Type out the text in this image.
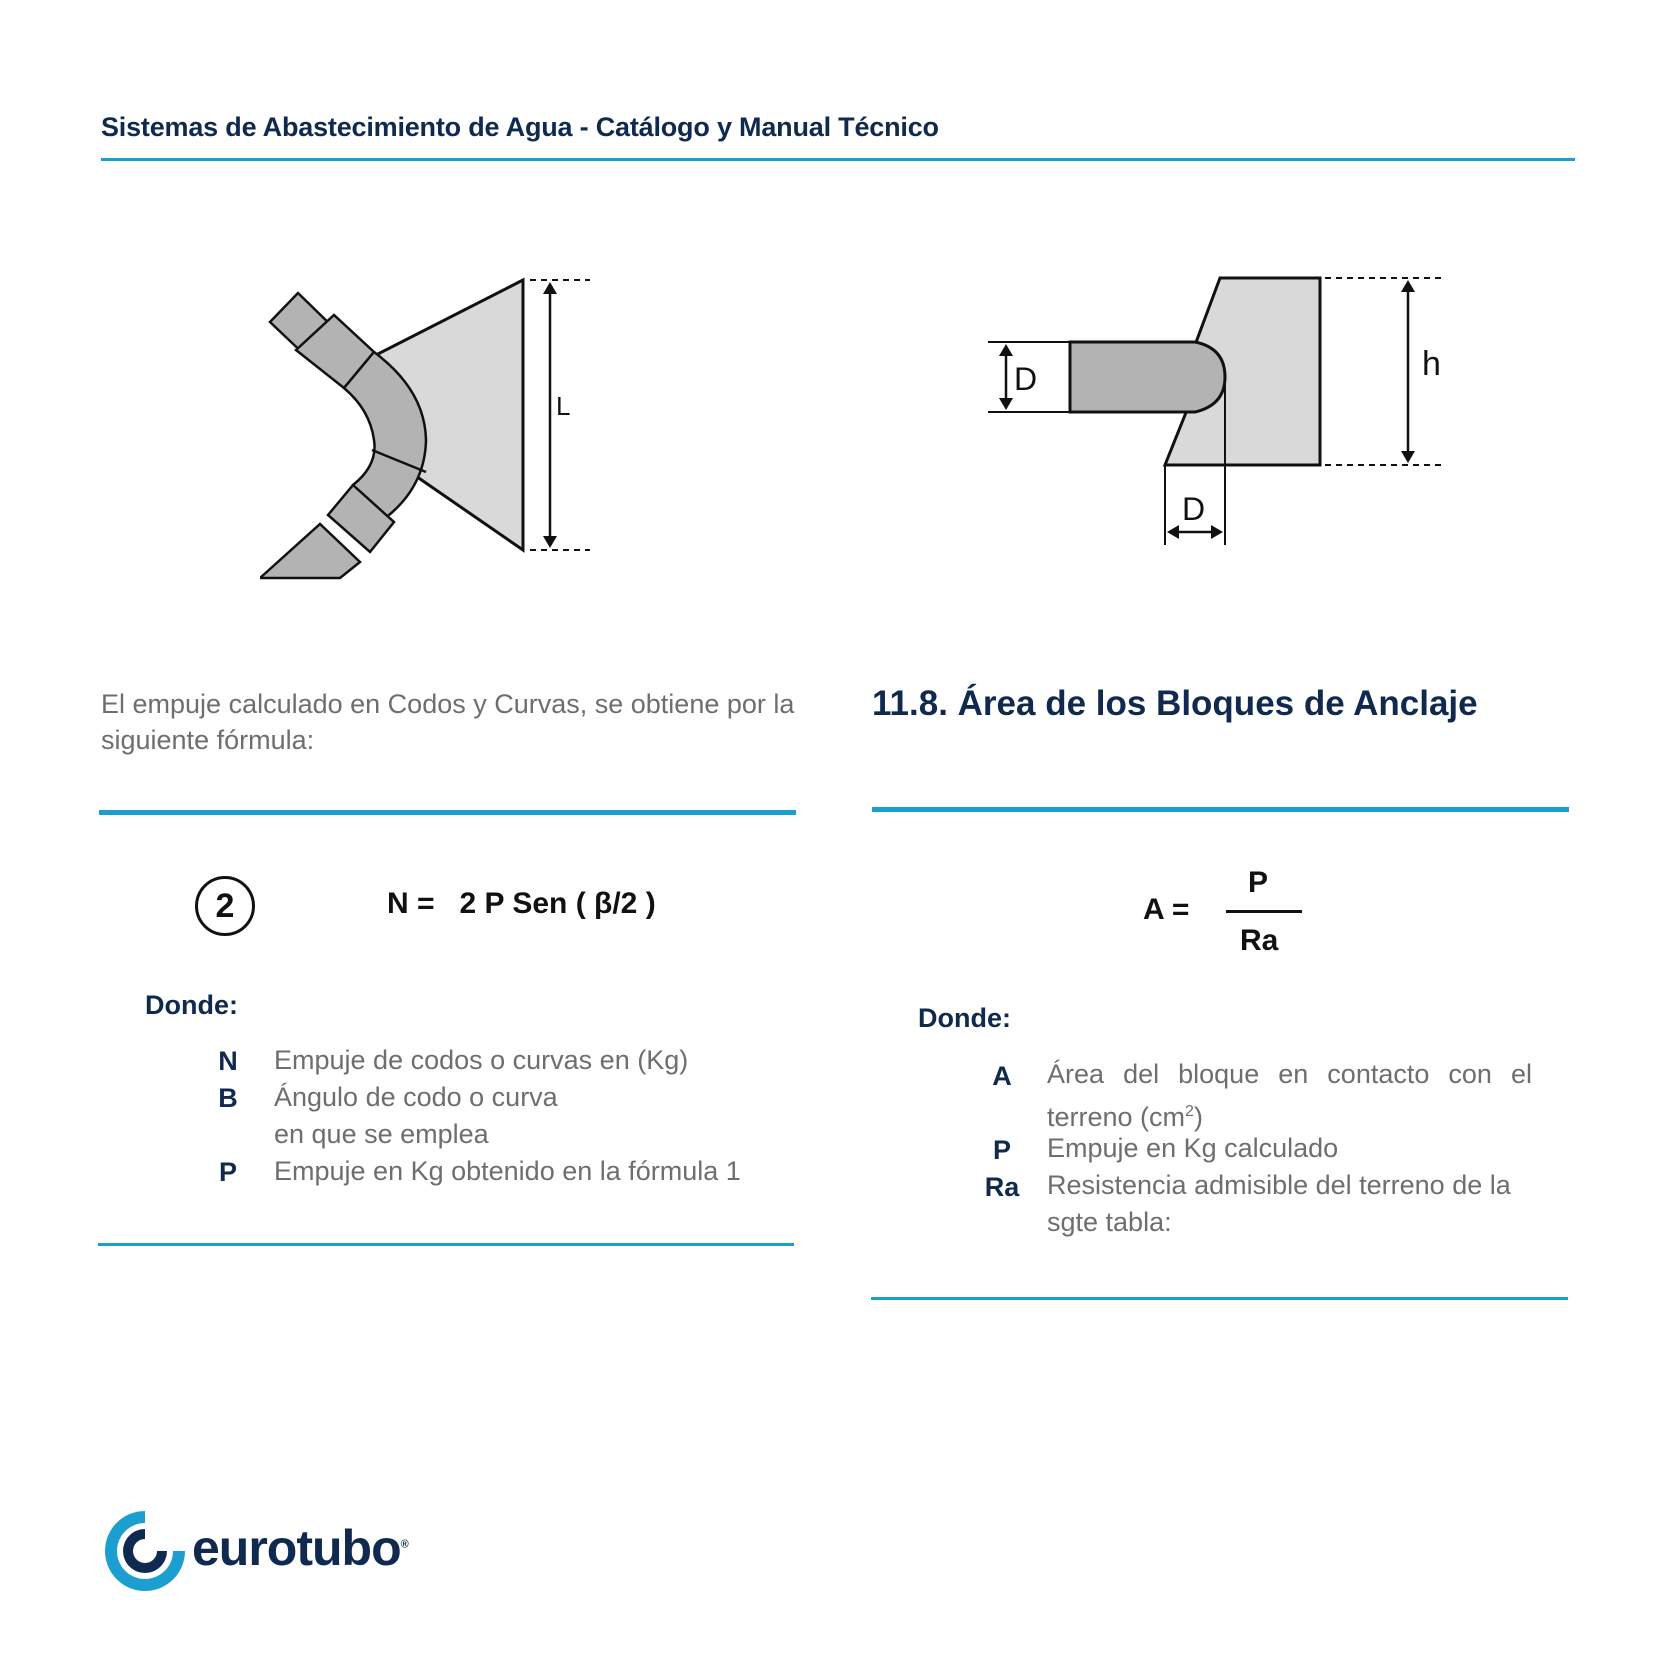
Sistemas de Abastecimiento de Agua - Catálogo y Manual Técnico
L
D	h
D
El empuje calculado en Codos y Curvas, se obtiene por la siguiente fórmula:
2	N =   2 P Sen ( β/2 )
Donde:
N	Empuje de codos o curvas en (Kg)
B	Ángulo de codo o curva en que se emplea
P	Empuje en Kg obtenido en la fórmula 1
11.8. Área de los Bloques de Anclaje
A =
P
Ra
Donde:
A	Área del bloque en contacto con el terreno $(cm^2)$
P	Empuje en Kg calculado
Ra Resistencia admisible del terreno de la sgte tabla:
eurotubo®
